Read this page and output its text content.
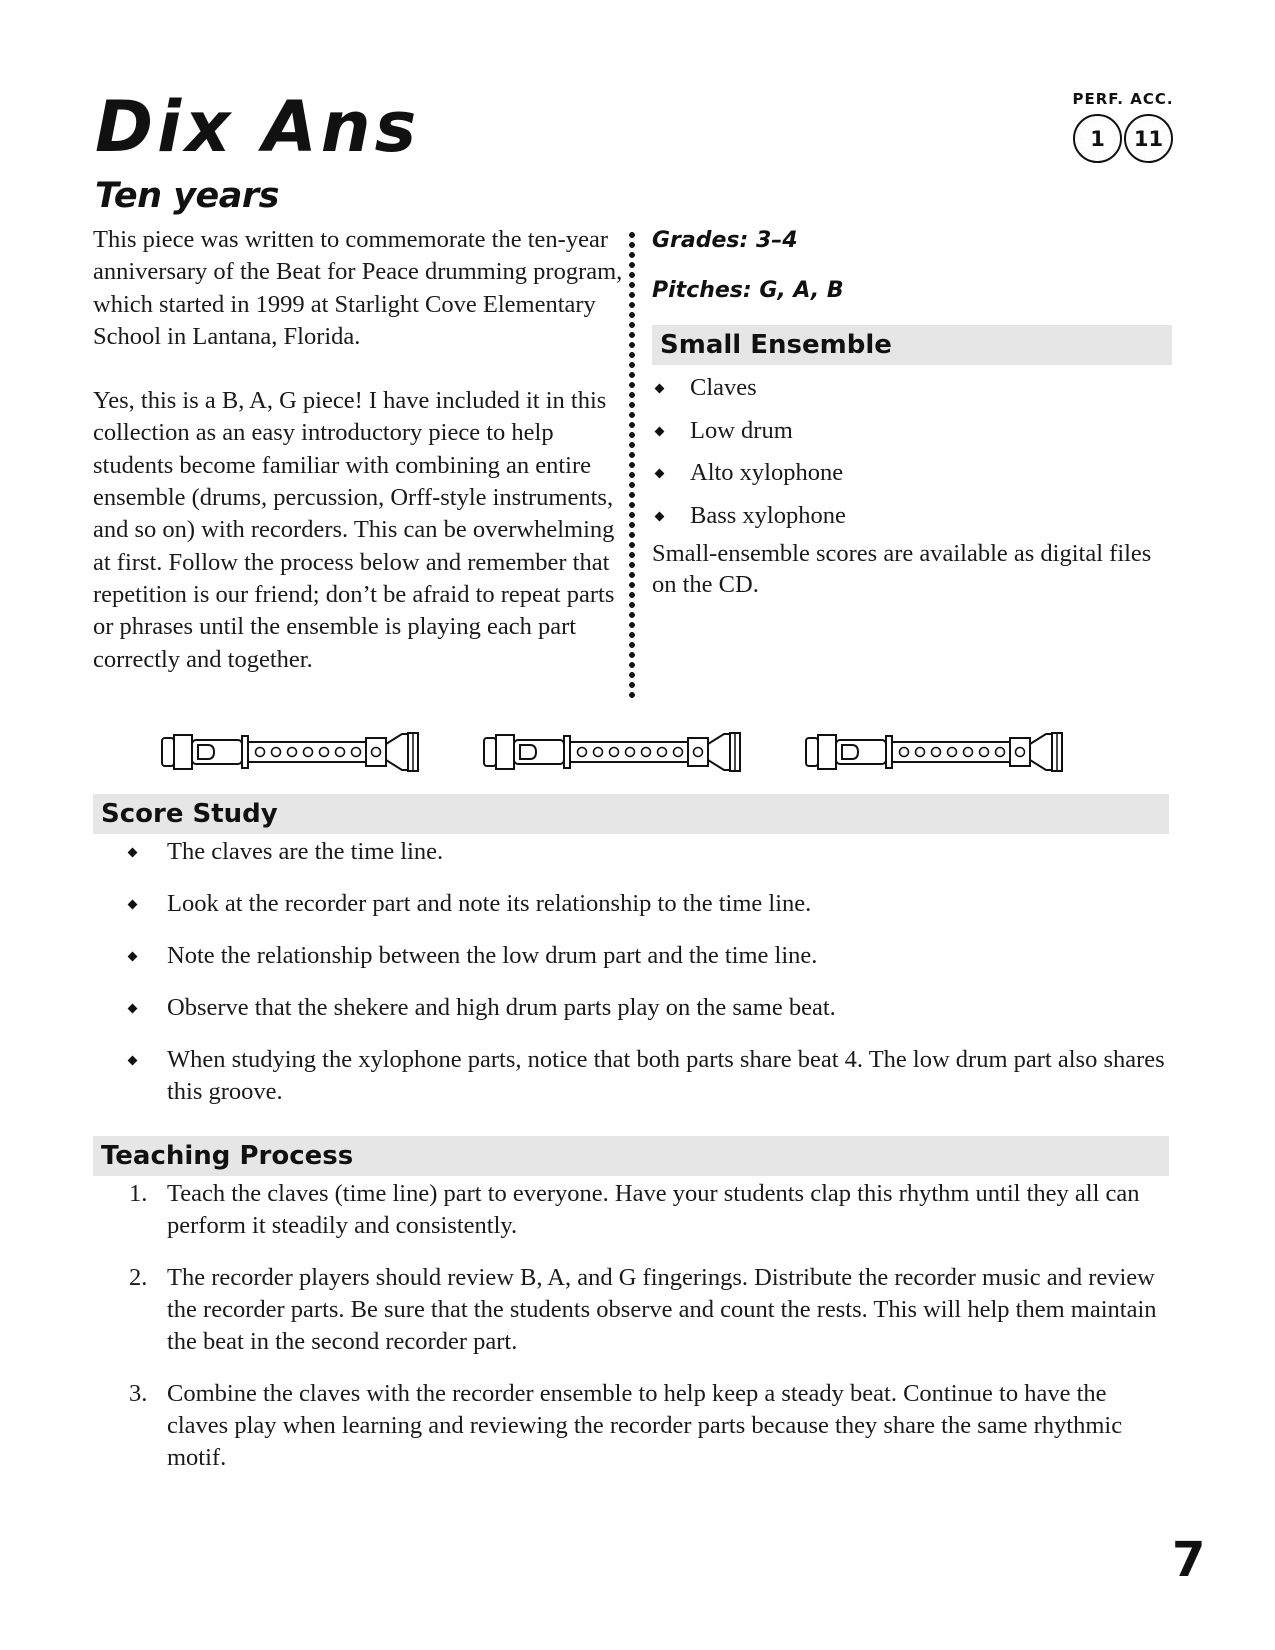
Dix Ans
Ten years
PERF. ACC.
1	11

This piece was written to commemorate the ten-year anniversary of the Beat for Peace drumming program, which started in 1999 at Starlight Cove Elementary School in Lantana, Florida.

Yes, this is a B, A, G piece! I have included it in this collection as an easy introductory piece to help students become familiar with combining an entire ensemble (drums, percussion, Orff-style instruments, and so on) with recorders. This can be overwhelming at first. Follow the process below and remember that repetition is our friend; don’t be afraid to repeat parts or phrases until the ensemble is playing each part correctly and together.

Grades: 3–4
Pitches: G, A, B
Small Ensemble
Claves
Low drum
Alto xylophone
Bass xylophone

Small-ensemble scores are available as digital files on the CD.

Score Study
The claves are the time line.
Look at the recorder part and note its relationship to the time line.
Note the relationship between the low drum part and the time line.
Observe that the shekere and high drum parts play on the same beat.
When studying the xylophone parts, notice that both parts share beat 4. The low drum part also shares this groove.
Teaching Process
1. Teach the claves (time line) part to everyone. Have your students clap this rhythm until they all can perform it steadily and consistently.
2. The recorder players should review B, A, and G fingerings. Distribute the recorder music and review the recorder parts. Be sure that the students observe and count the rests. This will help them maintain the beat in the second recorder part.
3. Combine the claves with the recorder ensemble to help keep a steady beat. Continue to have the claves play when learning and reviewing the recorder parts because they share the same rhythmic motif.
7
